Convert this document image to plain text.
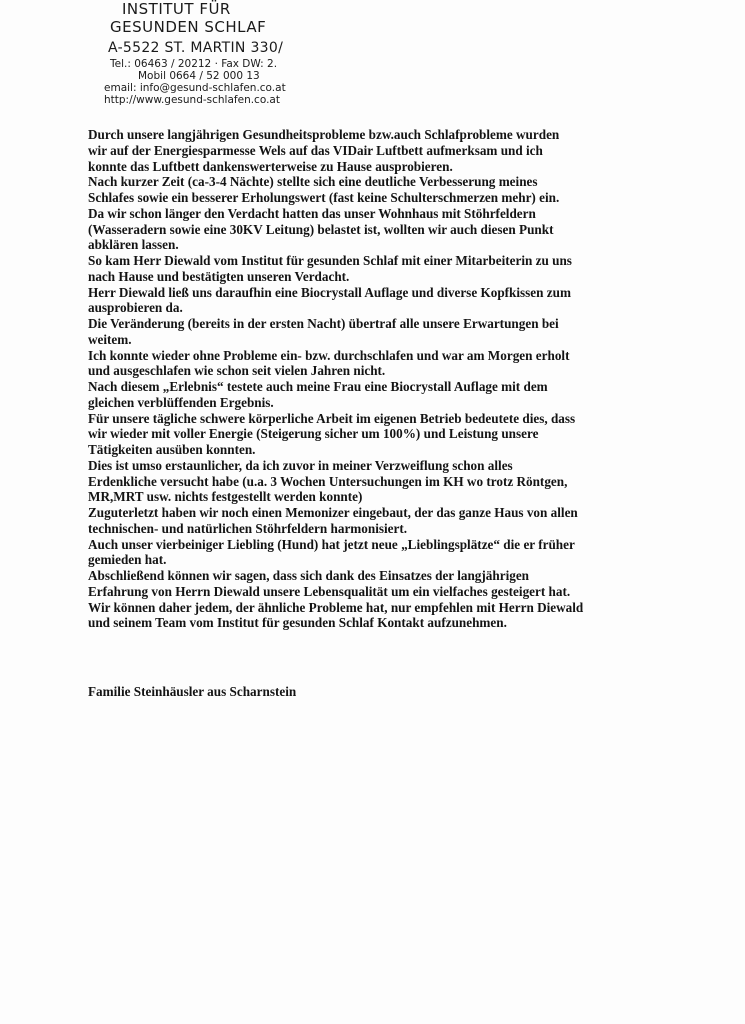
INSTITUT FÜR
GESUNDEN SCHLAF
A-5522 ST. MARTIN 330/
Tel.: 06463 / 20212 · Fax DW: 2.
Mobil 0664 / 52 000 13
email: info@gesund-schlafen.co.at
http://www.gesund-schlafen.co.at
Durch unsere langjährigen Gesundheitsprobleme bzw.auch Schlafprobleme wurden
wir auf der Energiesparmesse Wels auf das VIDair Luftbett aufmerksam und ich
konnte das Luftbett dankenswerterweise zu Hause ausprobieren.
Nach kurzer Zeit (ca-3-4 Nächte) stellte sich eine deutliche Verbesserung meines
Schlafes sowie ein besserer Erholungswert (fast keine Schulterschmerzen mehr) ein.
Da wir schon länger den Verdacht hatten das unser Wohnhaus mit Stöhrfeldern
(Wasseradern sowie eine 30KV Leitung) belastet ist, wollten wir auch diesen Punkt
abklären lassen.
So kam Herr Diewald vom Institut für gesunden Schlaf mit einer Mitarbeiterin zu uns
nach Hause und bestätigten unseren Verdacht.
Herr Diewald ließ uns daraufhin eine Biocrystall Auflage und diverse Kopfkissen zum
ausprobieren da.
Die Veränderung (bereits in der ersten Nacht) übertraf alle unsere Erwartungen bei
weitem.
Ich konnte wieder ohne Probleme ein- bzw. durchschlafen und war am Morgen erholt
und ausgeschlafen wie schon seit vielen Jahren nicht.
Nach diesem „Erlebnis“ testete auch meine Frau eine Biocrystall Auflage mit dem
gleichen verblüffenden Ergebnis.
Für unsere tägliche schwere körperliche Arbeit im eigenen Betrieb bedeutete dies, dass
wir wieder mit voller Energie (Steigerung sicher um 100%) und Leistung unsere
Tätigkeiten ausüben konnten.
Dies ist umso erstaunlicher, da ich zuvor in meiner Verzweiflung schon alles
Erdenkliche versucht habe (u.a. 3 Wochen Untersuchungen im KH wo trotz Röntgen,
MR,MRT usw. nichts festgestellt werden konnte)
Zuguterletzt haben wir noch einen Memonizer eingebaut, der das ganze Haus von allen
technischen- und natürlichen Stöhrfeldern harmonisiert.
Auch unser vierbeiniger Liebling (Hund) hat jetzt neue „Lieblingsplätze“ die er früher
gemieden hat.
Abschließend können wir sagen, dass sich dank des Einsatzes der langjährigen
Erfahrung von Herrn Diewald unsere Lebensqualität um ein vielfaches gesteigert hat.
Wir können daher jedem, der ähnliche Probleme hat, nur empfehlen mit Herrn Diewald
und seinem Team vom Institut für gesunden Schlaf Kontakt aufzunehmen.
Familie Steinhäusler aus Scharnstein
